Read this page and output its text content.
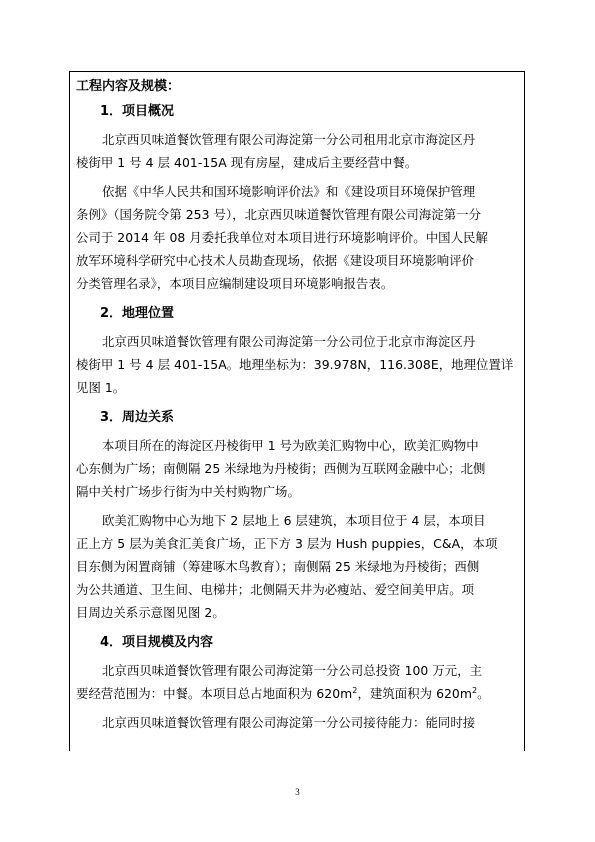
工程内容及规模：
1．项目概况
北京西贝味道餐饮管理有限公司海淀第一分公司租用北京市海淀区丹
棱街甲 1 号 4 层 401-15A 现有房屋，建成后主要经营中餐。
依据《中华人民共和国环境影响评价法》和《建设项目环境保护管理
条例》（国务院令第 253 号），北京西贝味道餐饮管理有限公司海淀第一分
公司于 2014 年 08 月委托我单位对本项目进行环境影响评价。中国人民解
放军环境科学研究中心技术人员勘查现场，依据《建设项目环境影响评价
分类管理名录》，本项目应编制建设项目环境影响报告表。
2．地理位置
北京西贝味道餐饮管理有限公司海淀第一分公司位于北京市海淀区丹
棱街甲 1 号 4 层 401-15A。地理坐标为：39.978N，116.308E，地理位置详
见图 1。
3．周边关系
本项目所在的海淀区丹棱街甲 1 号为欧美汇购物中心，欧美汇购物中
心东侧为广场；南侧隔 25 米绿地为丹棱街；西侧为互联网金融中心；北侧
隔中关村广场步行街为中关村购物广场。
欧美汇购物中心为地下 2 层地上 6 层建筑，本项目位于 4 层，本项目
正上方 5 层为美食汇美食广场，正下方 3 层为 Hush puppies，C&A，本项
目东侧为闲置商铺（筹建啄木鸟教育）；南侧隔 25 米绿地为丹棱街；西侧
为公共通道、卫生间、电梯井；北侧隔天井为必瘦站、爱空间美甲店。项
目周边关系示意图见图 2。
4．项目规模及内容
北京西贝味道餐饮管理有限公司海淀第一分公司总投资 100 万元，主
要经营范围为：中餐。本项目总占地面积为 $620m^2$，建筑面积为 $620m^2$。
北京西贝味道餐饮管理有限公司海淀第一分公司接待能力：能同时接
3
